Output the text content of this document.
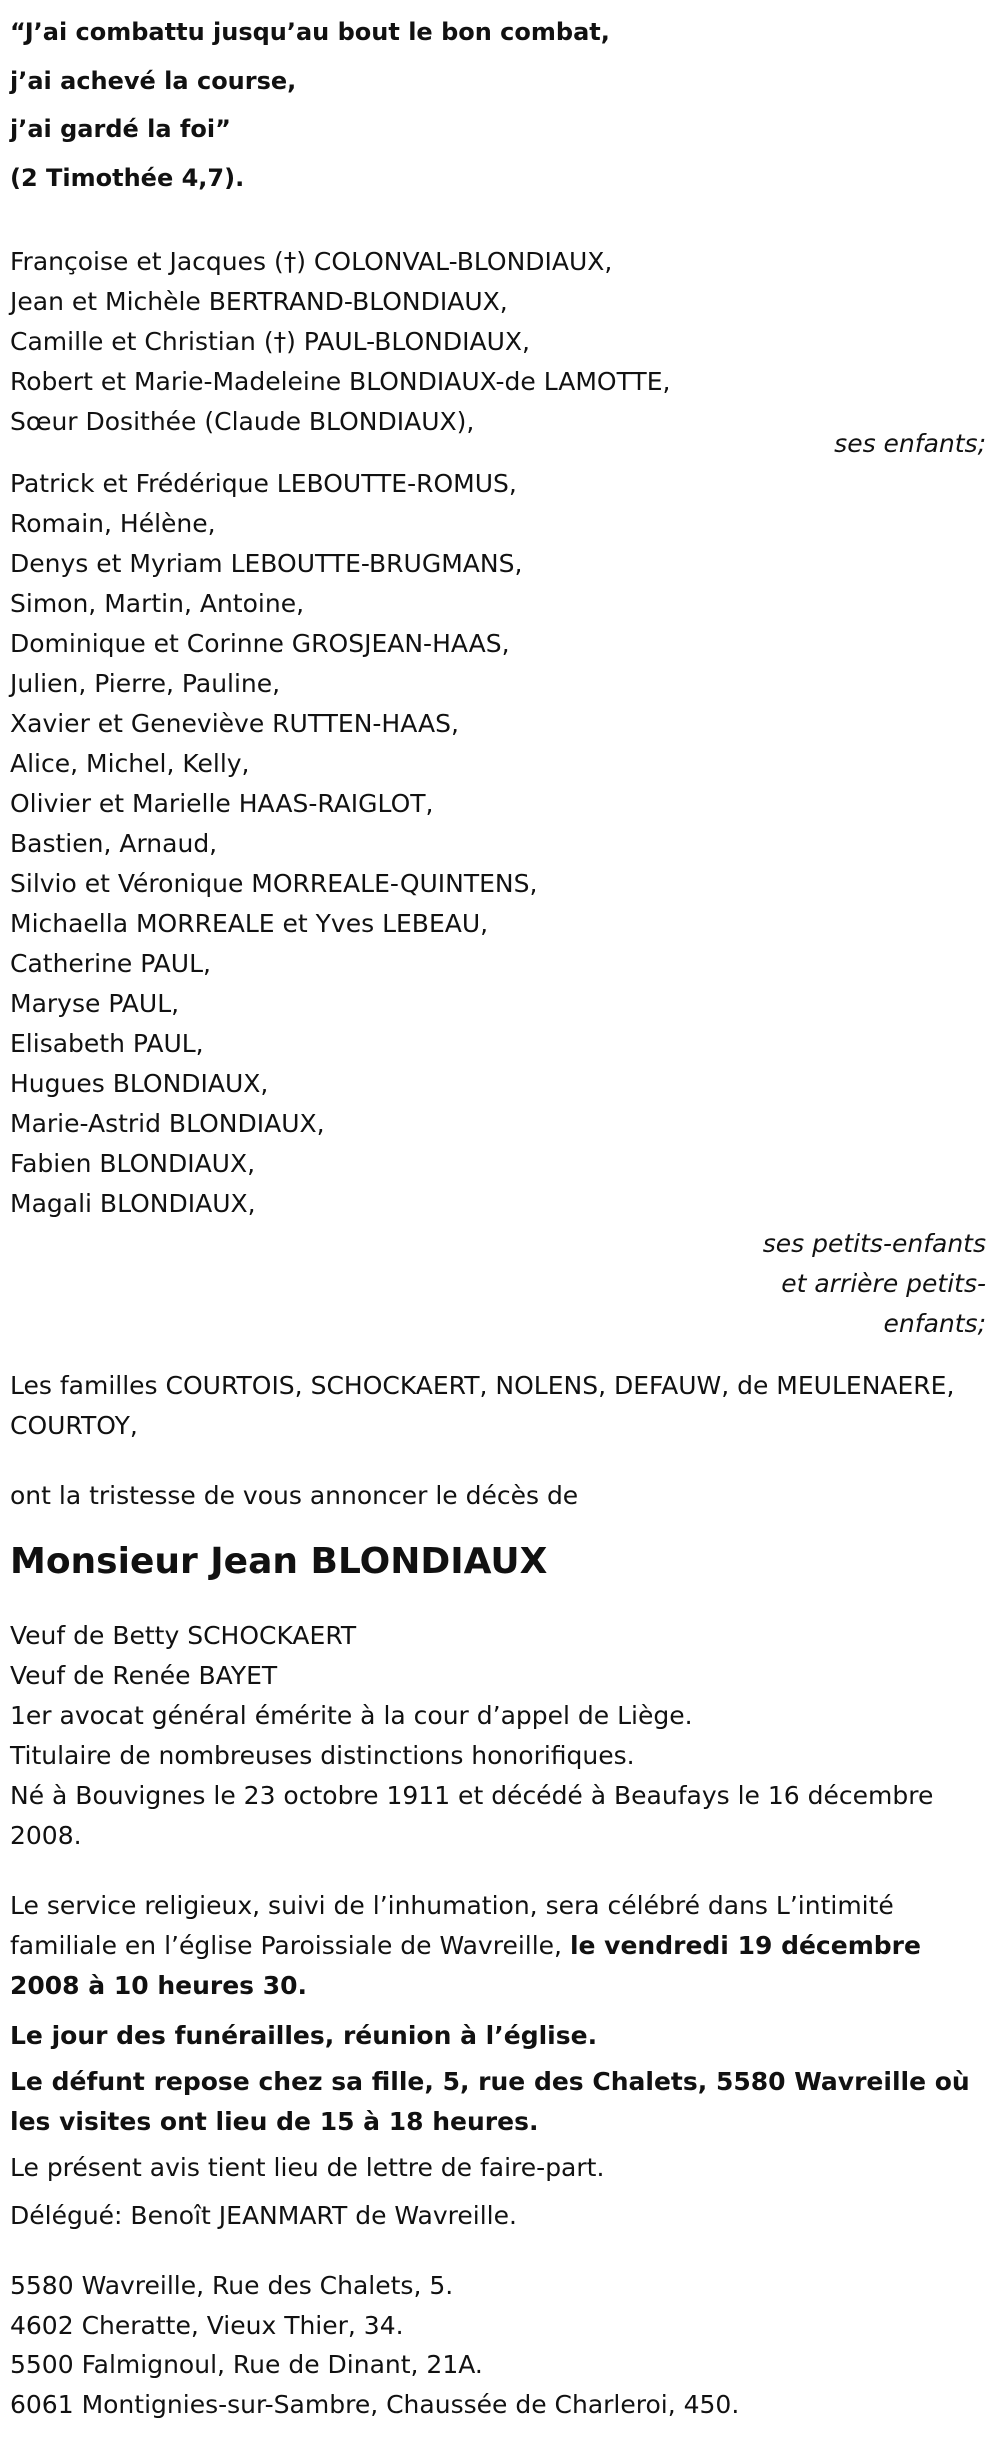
“J’ai combattu jusqu’au bout le bon combat,

j’ai achevé la course,

j’ai gardé la foi”

(2 Timothée 4,7).

Françoise et Jacques (†) COLONVAL-BLONDIAUX,

Jean et Michèle BERTRAND-BLONDIAUX,

Camille et Christian (†) PAUL-BLONDIAUX,

Robert et Marie-Madeleine BLONDIAUX-de LAMOTTE,

Sœur Dosithée (Claude BLONDIAUX),

ses enfants;

Patrick et Frédérique LEBOUTTE-ROMUS,

Romain, Hélène,

Denys et Myriam LEBOUTTE-BRUGMANS,

Simon, Martin, Antoine,

Dominique et Corinne GROSJEAN-HAAS,

Julien, Pierre, Pauline,

Xavier et Geneviève RUTTEN-HAAS,

Alice, Michel, Kelly,

Olivier et Marielle HAAS-RAIGLOT,

Bastien, Arnaud,

Silvio et Véronique MORREALE-QUINTENS,

Michaella MORREALE et Yves LEBEAU,

Catherine PAUL,

Maryse PAUL,

Elisabeth PAUL,

Hugues BLONDIAUX,

Marie-Astrid BLONDIAUX,

Fabien BLONDIAUX,

Magali BLONDIAUX,

ses petits-enfants
et arrière petits-
enfants;

Les familles COURTOIS, SCHOCKAERT, NOLENS, DEFAUW, de MEULENAERE, COURTOY,

ont la tristesse de vous annoncer le décès de

Monsieur Jean BLONDIAUX

Veuf de Betty SCHOCKAERT

Veuf de Renée BAYET

1er avocat général émérite à la cour d’appel de Liège.

Titulaire de nombreuses distinctions honorifiques.

Né à Bouvignes le 23 octobre 1911 et décédé à Beaufays le 16 décembre 2008.

Le service religieux, suivi de l’inhumation, sera célébré dans L’intimité familiale en l’église Paroissiale de Wavreille, le vendredi 19 décembre 2008 à 10 heures 30.

Le jour des funérailles, réunion à l’église.

Le défunt repose chez sa fille, 5, rue des Chalets, 5580 Wavreille où les visites ont lieu de 15 à 18 heures.

Le présent avis tient lieu de lettre de faire-part.

Délégué: Benoît JEANMART de Wavreille.

5580 Wavreille, Rue des Chalets, 5.

4602 Cheratte, Vieux Thier, 34.

5500 Falmignoul, Rue de Dinant, 21A.

6061 Montignies-sur-Sambre, Chaussée de Charleroi, 450.
